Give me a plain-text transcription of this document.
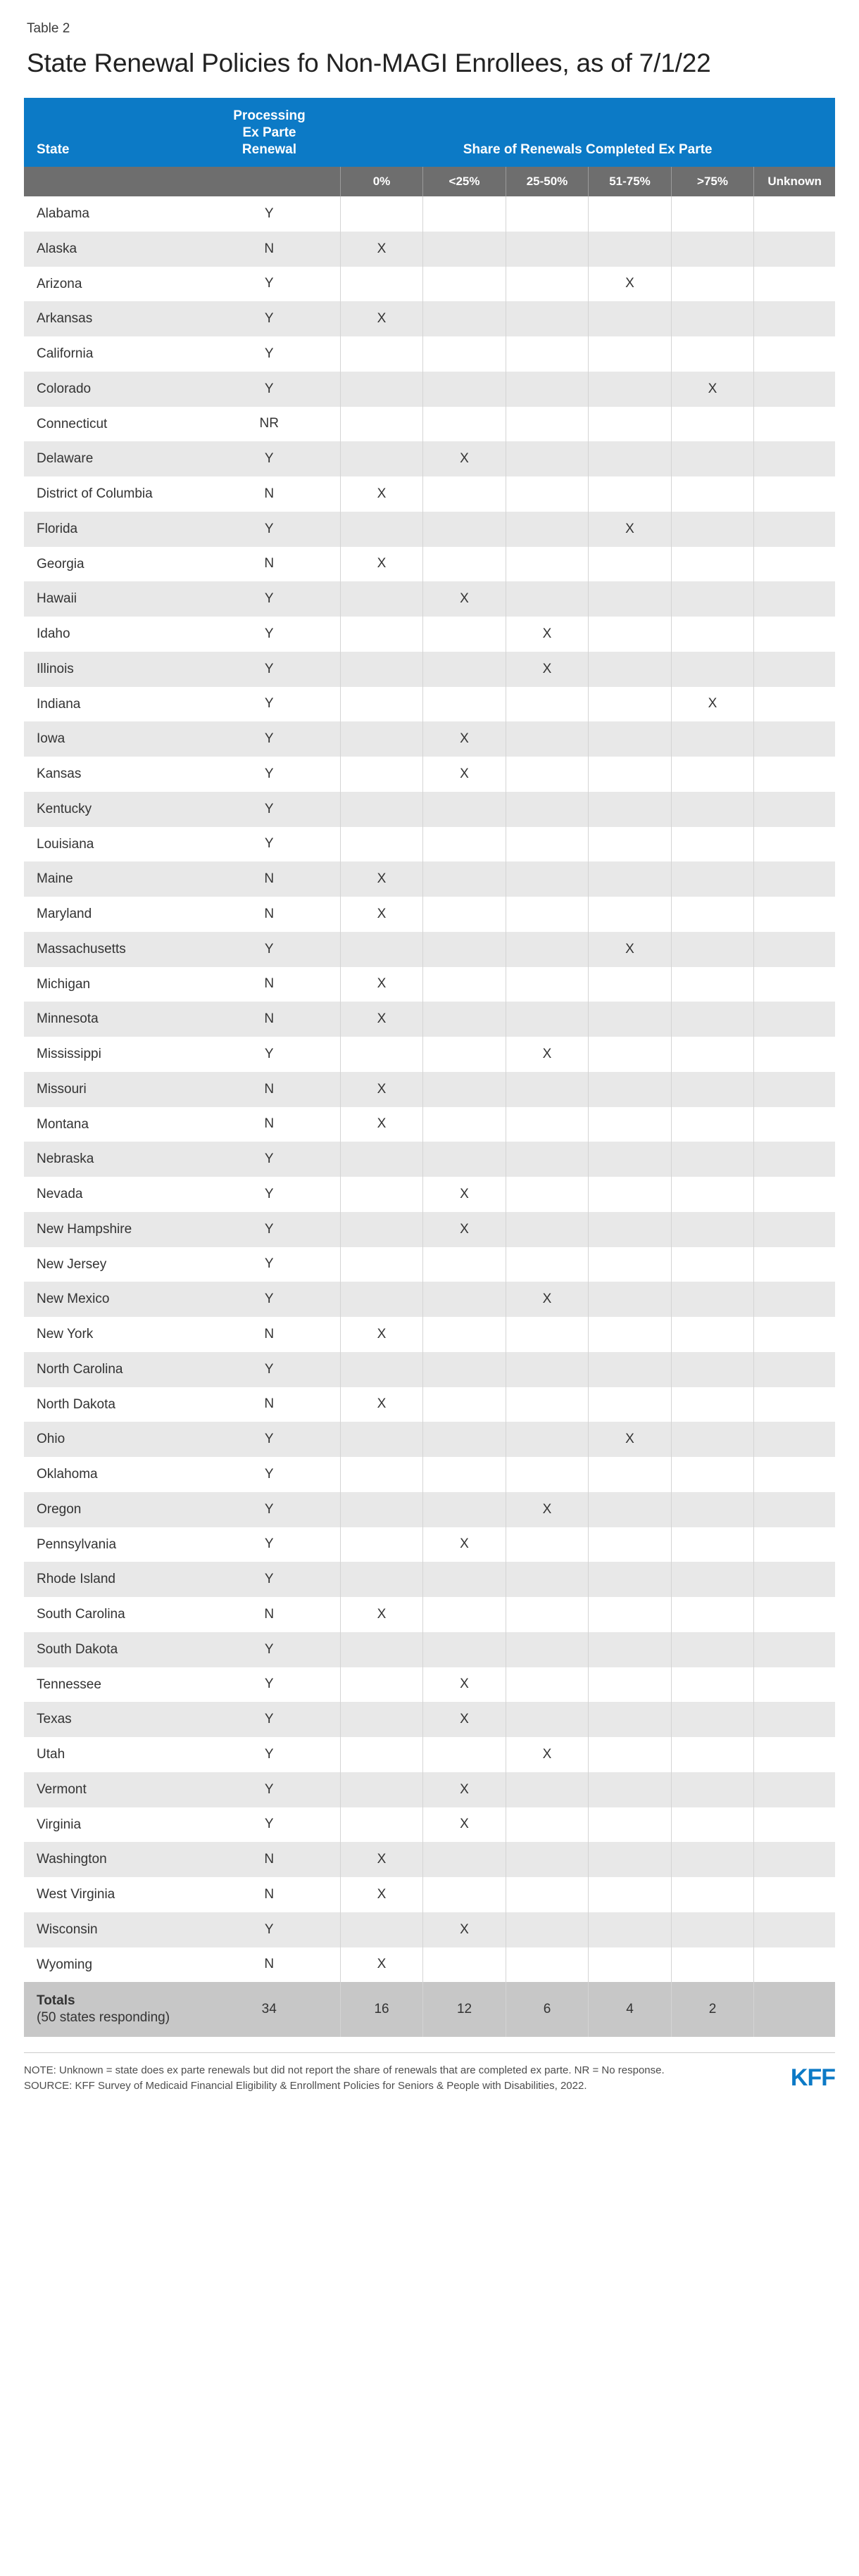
Table 2
State Renewal Policies fo Non-MAGI Enrollees, as of 7/1/22
State	Processing
Ex Parte
Renewal	Share of Renewals Completed Ex Parte					
		0%	<25%	25-50%	51-75%	>75%	Unknown
Alabama	Y						
Alaska	N	X					
Arizona	Y				X		
Arkansas	Y	X					
California	Y						
Colorado	Y					X	
Connecticut	NR						
Delaware	Y		X				
District of Columbia	N	X					
Florida	Y				X		
Georgia	N	X					
Hawaii	Y		X				
Idaho	Y			X			
Illinois	Y			X			
Indiana	Y					X	
Iowa	Y		X				
Kansas	Y		X				
Kentucky	Y						
Louisiana	Y						
Maine	N	X					
Maryland	N	X					
Massachusetts	Y				X		
Michigan	N	X					
Minnesota	N	X					
Mississippi	Y			X			
Missouri	N	X					
Montana	N	X					
Nebraska	Y						
Nevada	Y		X				
New Hampshire	Y		X				
New Jersey	Y						
New Mexico	Y			X			
New York	N	X					
North Carolina	Y						
North Dakota	N	X					
Ohio	Y				X		
Oklahoma	Y						
Oregon	Y			X			
Pennsylvania	Y		X				
Rhode Island	Y						
South Carolina	N	X					
South Dakota	Y						
Tennessee	Y		X				
Texas	Y		X				
Utah	Y			X			
Vermont	Y		X				
Virginia	Y		X				
Washington	N	X					
West Virginia	N	X					
Wisconsin	Y		X				
Wyoming	N	X					

Totals
(50 states responding)	34	16	12	6	4	2	
NOTE: Unknown = state does ex parte renewals but did not report the share of renewals that are completed ex parte. NR = No response.
SOURCE: KFF Survey of Medicaid Financial Eligibility & Enrollment Policies for Seniors & People with Disabilities, 2022.	KFF
